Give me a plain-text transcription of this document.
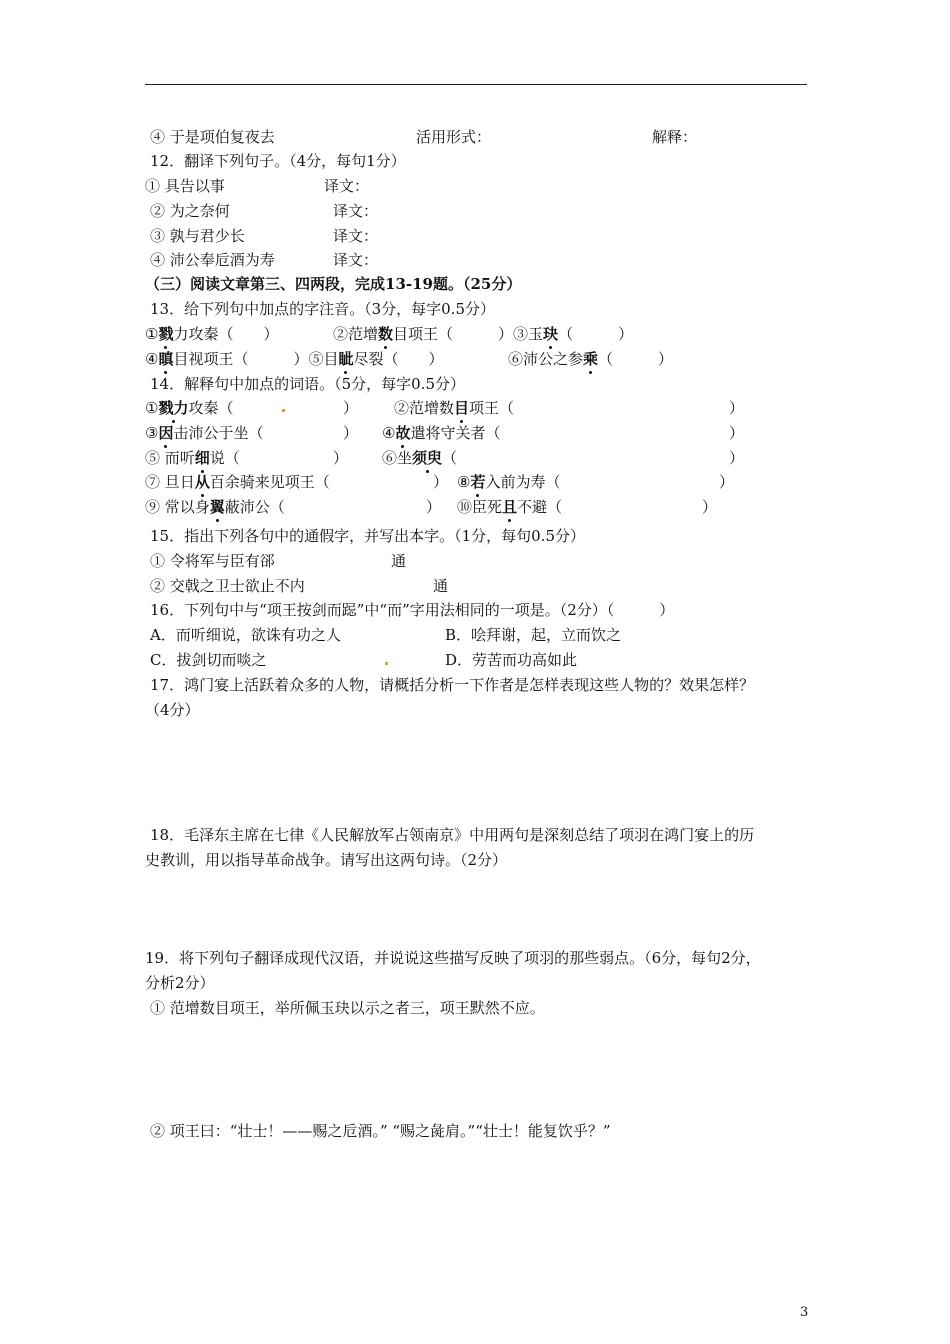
④ 于是项伯复夜去	活用形式：	解释：
12．翻译下列句子。（4分，每句1分）
① 具告以事	译文：
② 为之奈何	译文：
③ 孰与君少长	译文：
④ 沛公奉卮酒为寿	译文：
（三）阅读文章第三、四两段，完成13-19题。（25分）
13．给下列句中加点的字注音。（3分，每字0.5分）
①戮力攻秦（　　）	②范增数目项王（　　　）③玉玦（　　　）
④瞋目视项王（　　　）⑤目眦尽裂（　　）	⑥沛公之参乘（　　　）
14．解释句中加点的词语。（5分，每字0.5分）
①戮力攻秦（	） ②范增数目项王（	）
③因击沛公于坐（	） ④故遣将守关者（	）
⑤ 而听细说（	） ⑥坐须臾（	）
⑦ 旦日从百余骑来见项王（	） ⑧若入前为寿（	）
⑨ 常以身翼蔽沛公（	） ⑩臣死且不避（	）
15．指出下列各句中的通假字，并写出本字。（1分，每句0.5分）
① 令将军与臣有郤	通
② 交戟之卫士欲止不内	通
16．下列句中与“项王按剑而跽”中“而”字用法相同的一项是。（2分）（　　　）
A．而听细说，欲诛有功之人	B．哙拜谢，起，立而饮之
C．拔剑切而啖之	D．劳苦而功高如此
17．鸿门宴上活跃着众多的人物，请概括分析一下作者是怎样表现这些人物的？效果怎样？
（4分）
18．毛泽东主席在七律《人民解放军占领南京》中用两句是深刻总结了项羽在鸿门宴上的历
史教训，用以指导革命战争。请写出这两句诗。（2分）
19．将下列句子翻译成现代汉语，并说说这些描写反映了项羽的那些弱点。（6分，每句2分，
分析2分）
① 范增数目项王，举所佩玉玦以示之者三，项王默然不应。
② 项王曰：“壮士！——赐之卮酒。” “赐之彘肩。”“壮士！能复饮乎？”
3
